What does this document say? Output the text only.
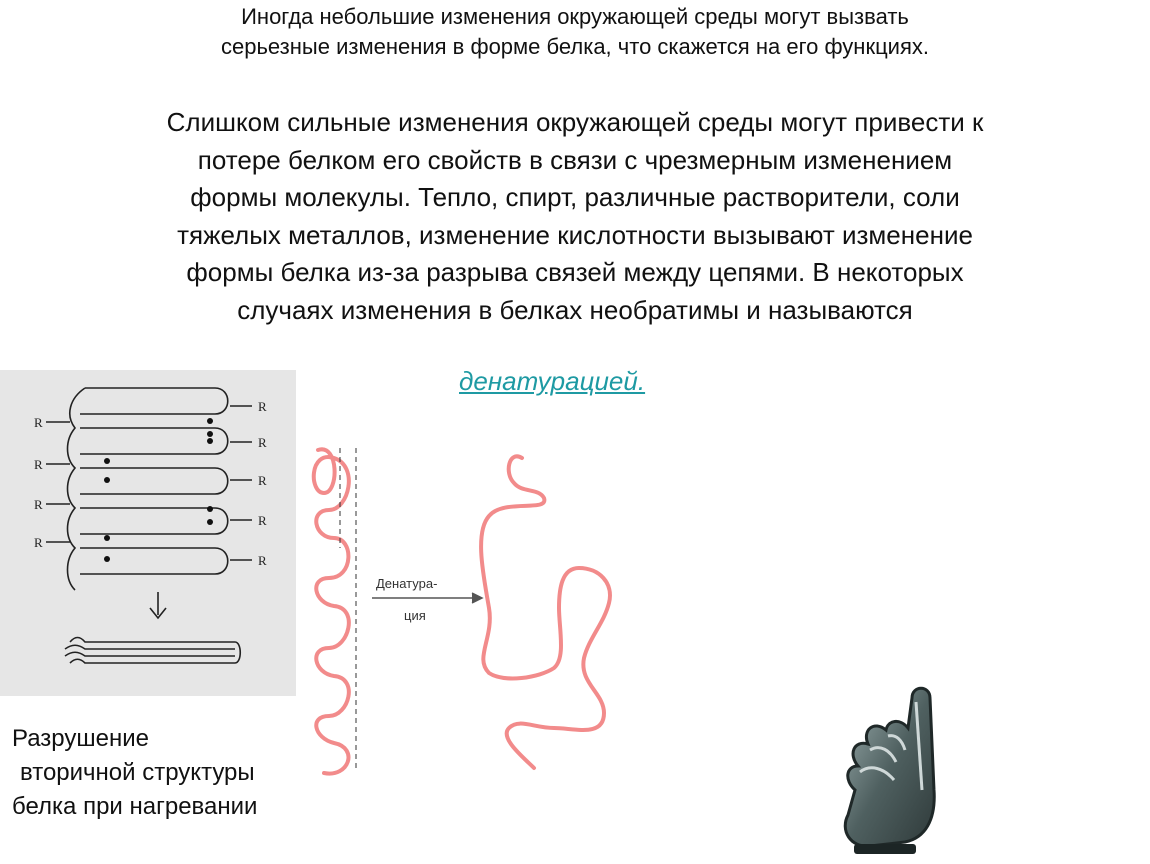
Иногда небольшие изменения окружающей среды могут вызвать
серьезные изменения в форме белка, что скажется на его функциях.
Слишком сильные изменения окружающей среды могут привести к
потере белком его свойств в связи с чрезмерным изменением
формы молекулы. Тепло, спирт, различные растворители, соли
тяжелых металлов, изменение кислотности вызывают изменение
формы белка из-за разрыва связей между цепями. В некоторых
случаях изменения в белках необратимы и называются
денатурацией.
R
R
R
R
R
R
R
R
R
Разрушение
вторичной структуры
белка при нагревании
Денатура-
ция
